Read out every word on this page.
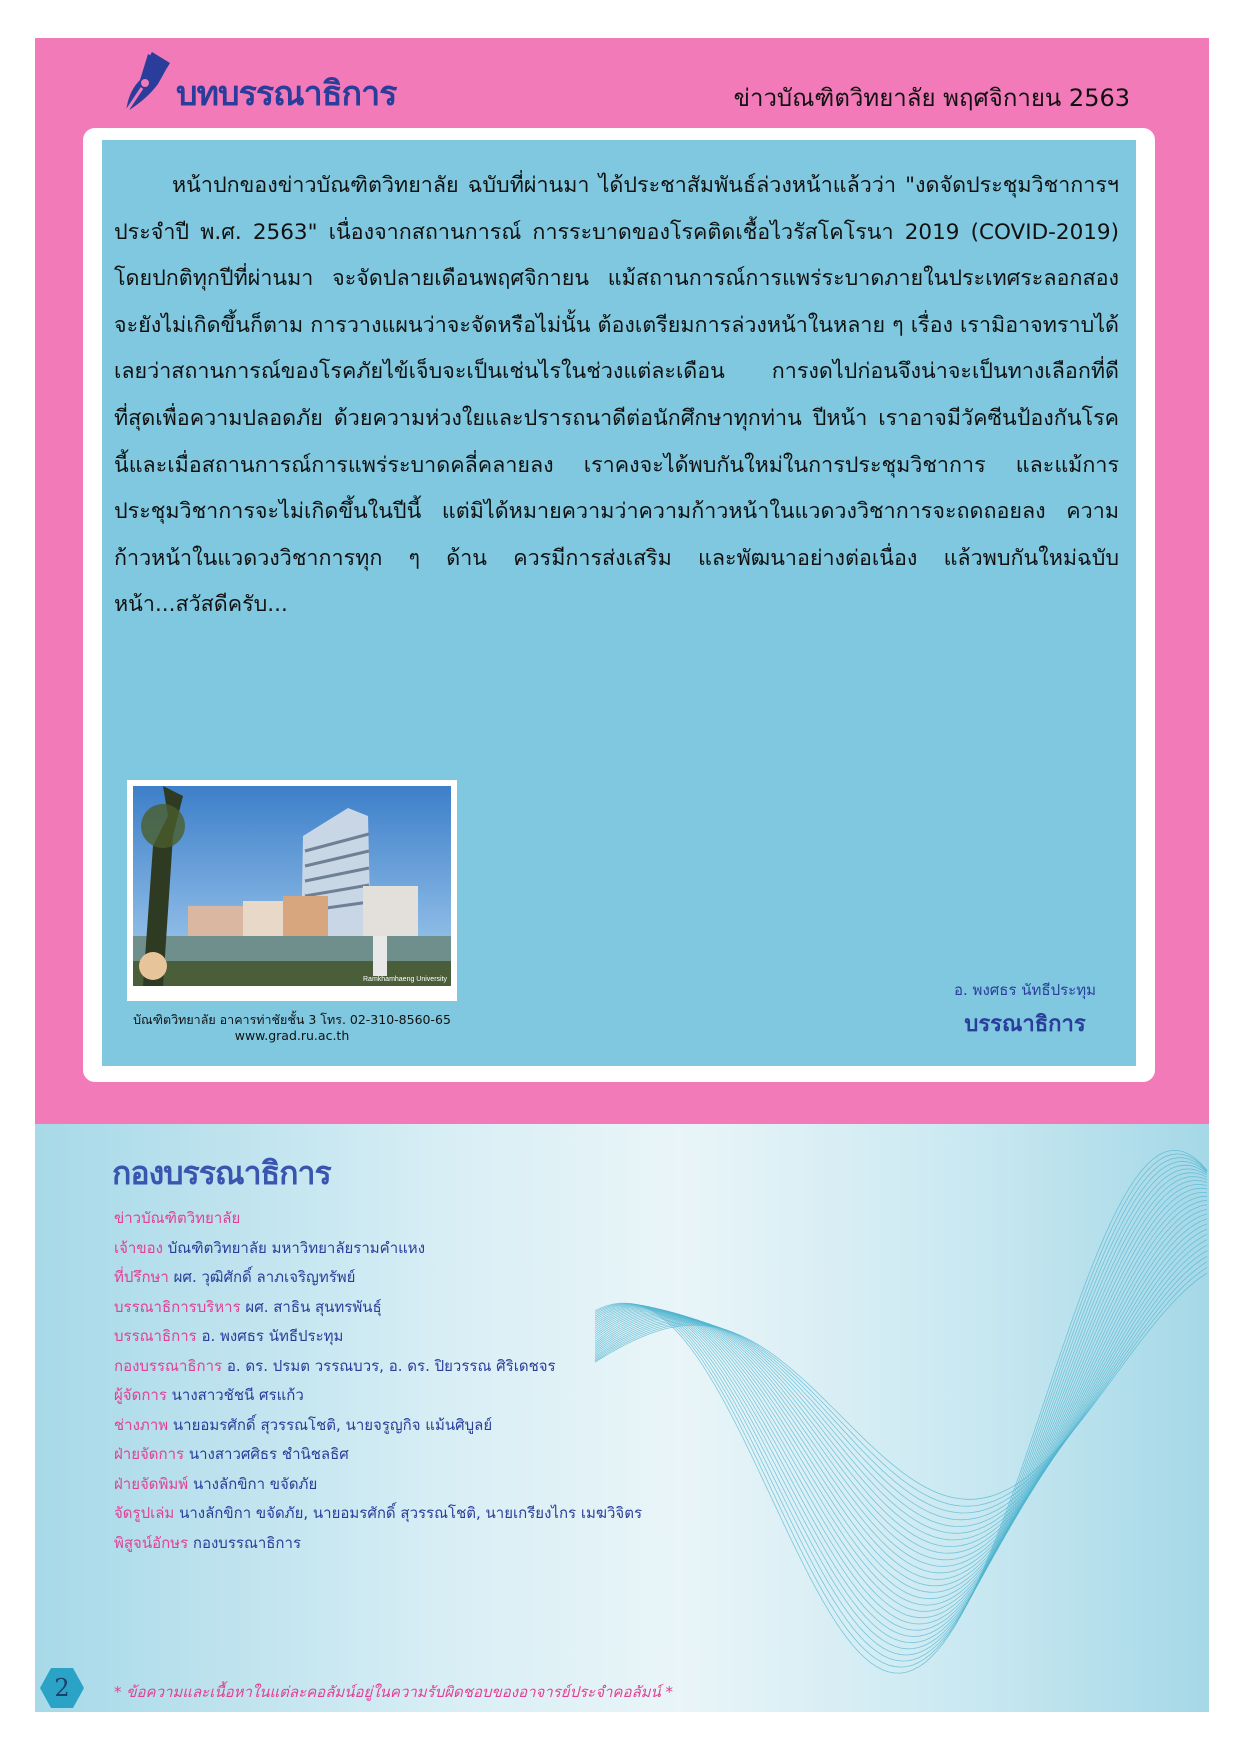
บทบรรณาธิการ	ข่าวบัณฑิตวิทยาลัย พฤศจิกายน 2563

หน้าปกของข่าวบัณฑิตวิทยาลัย ฉบับที่ผ่านมา ได้ประชาสัมพันธ์ล่วงหน้าแล้วว่า "งดจัดประชุมวิชาการฯ ประจำปี พ.ศ. 2563" เนื่องจากสถานการณ์ การระบาดของโรคติดเชื้อไวรัสโคโรนา 2019 (COVID-2019) โดยปกติทุกปีที่ผ่านมา จะจัดปลายเดือนพฤศจิกายน แม้สถานการณ์การแพร่ระบาดภายในประเทศระลอกสองจะยังไม่เกิดขึ้นก็ตาม การวางแผนว่าจะจัดหรือไม่นั้น ต้องเตรียมการล่วงหน้าในหลาย ๆ เรื่อง เรามิอาจทราบได้เลยว่าสถานการณ์ของโรคภัยไข้เจ็บจะเป็นเช่นไรในช่วงแต่ละเดือน การงดไปก่อนจึงน่าจะเป็นทางเลือกที่ดีที่สุดเพื่อความปลอดภัย ด้วยความห่วงใยและปรารถนาดีต่อนักศึกษาทุกท่าน ปีหน้า เราอาจมีวัคซีนป้องกันโรคนี้และเมื่อสถานการณ์การแพร่ระบาดคลี่คลายลง เราคงจะได้พบกันใหม่ในการประชุมวิชาการ และแม้การประชุมวิชาการจะไม่เกิดขึ้นในปีนี้ แต่มิได้หมายความว่าความก้าวหน้าในแวดวงวิชาการจะถดถอยลง ความก้าวหน้าในแวดวงวิชาการทุก ๆ ด้าน ควรมีการส่งเสริม และพัฒนาอย่างต่อเนื่อง แล้วพบกันใหม่ฉบับหน้า...สวัสดีครับ...

Ramkhamhaeng University
บัณฑิตวิทยาลัย อาคารท่าชัยชั้น 3 โทร. 02-310-8560-65
www.grad.ru.ac.th
อ. พงศธร นัทธีประทุม
บรรณาธิการ
กองบรรณาธิการ
ข่าวบัณฑิตวิทยาลัย
เจ้าของ บัณฑิตวิทยาลัย มหาวิทยาลัยรามคำแหง
ที่ปรึกษา ผศ. วุฒิศักดิ์ ลาภเจริญทรัพย์
บรรณาธิการบริหาร ผศ. สาธิน สุนทรพันธุ์
บรรณาธิการ อ. พงศธร นัทธีประทุม
กองบรรณาธิการ อ. ดร. ปรมต วรรณบวร, อ. ดร. ปิยวรรณ ศิริเดชจร
ผู้จัดการ นางสาวชัชนี ศรแก้ว
ช่างภาพ นายอมรศักดิ์ สุวรรณโชติ, นายจรูญกิจ แม้นศิบูลย์
ฝ่ายจัดการ นางสาวศศิธร ชำนิชลธิศ
ฝ่ายจัดพิมพ์ นางลักขิกา ขจัดภัย
จัดรูปเล่ม นางลักขิกา ขจัดภัย, นายอมรศักดิ์ สุวรรณโชติ, นายเกรียงไกร เมฆวิจิตร
พิสูจน์อักษร กองบรรณาธิการ
2	* ข้อความและเนื้อหาในแต่ละคอลัมน์อยู่ในความรับผิดชอบของอาจารย์ประจำคอลัมน์ *
